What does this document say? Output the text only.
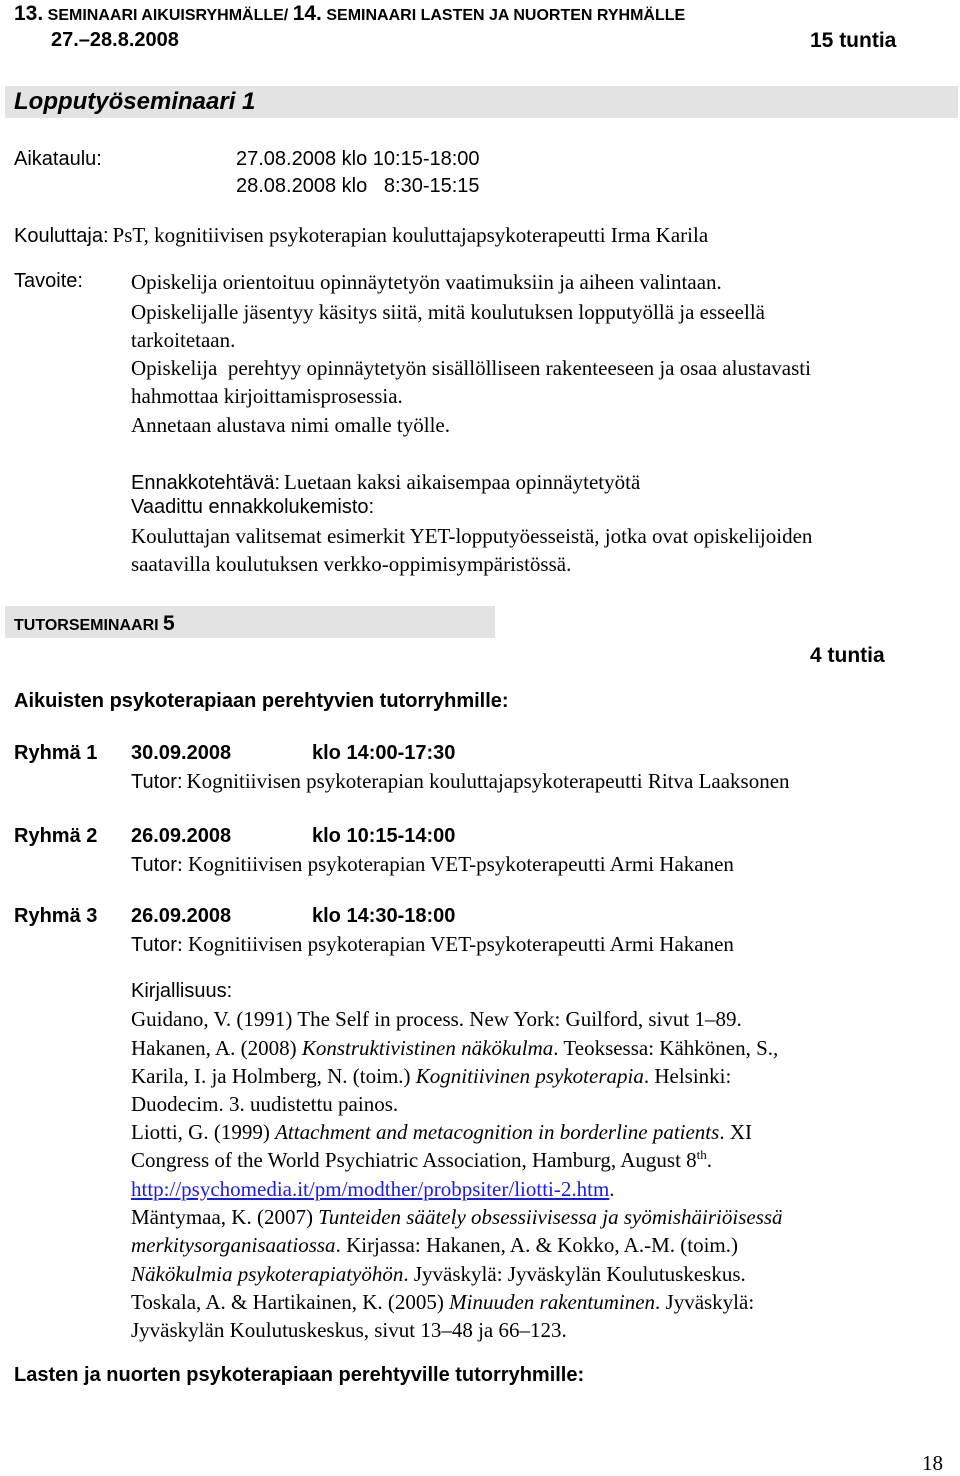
13. SEMINAARI AIKUISRYHMÄLLE/ 14. SEMINAARI LASTEN JA NUORTEN RYHMÄLLE
27.–28.8.2008	15 tuntia
Lopputyöseminaari 1
Aikataulu:	27.08.2008 klo 10:15-18:00
28.08.2008 klo   8:30-15:15
Kouluttaja: PsT, kognitiivisen psykoterapian kouluttajapsykoterapeutti Irma Karila
Tavoite: Opiskelija orientoituu opinnäytetyön vaatimuksiin ja aiheen valintaan.
Opiskelijalle jäsentyy käsitys siitä, mitä koulutuksen lopputyöllä ja esseellä
tarkoitetaan.
Opiskelija  perehtyy opinnäytetyön sisällölliseen rakenteeseen ja osaa alustavasti
hahmottaa kirjoittamisprosessia.
Annetaan alustava nimi omalle työlle.
Ennakkotehtävä: Luetaan kaksi aikaisempaa opinnäytetyötä
Vaadittu ennakkolukemisto:
Kouluttajan valitsemat esimerkit YET-lopputyöesseistä, jotka ovat opiskelijoiden
saatavilla koulutuksen verkko-oppimisympäristössä.
TUTORSEMINAARI 5
4 tuntia
Aikuisten psykoterapiaan perehtyvien tutorryhmille:
Ryhmä 1 30.09.2008	klo 14:00-17:30
Tutor: Kognitiivisen psykoterapian kouluttajapsykoterapeutti Ritva Laaksonen
Ryhmä 2 26.09.2008	klo 10:15-14:00
Tutor: Kognitiivisen psykoterapian VET-psykoterapeutti Armi Hakanen
Ryhmä 3 26.09.2008	klo 14:30-18:00
Tutor: Kognitiivisen psykoterapian VET-psykoterapeutti Armi Hakanen
Kirjallisuus:
Guidano, V. (1991) The Self in process. New York: Guilford, sivut 1–89.
Hakanen, A. (2008) Konstruktivistinen näkökulma. Teoksessa: Kähkönen, S.,
Karila, I. ja Holmberg, N. (toim.) Kognitiivinen psykoterapia. Helsinki:
Duodecim. 3. uudistettu painos.
Liotti, G. (1999) Attachment and metacognition in borderline patients. XI
Congress of the World Psychiatric Association, Hamburg, August 8th.
http://psychomedia.it/pm/modther/probpsiter/liotti-2.htm.
Mäntymaa, K. (2007) Tunteiden säätely obsessiivisessa ja syömishäiriöisessä
merkitysorganisaatiossa. Kirjassa: Hakanen, A. & Kokko, A.-M. (toim.)
Näkökulmia psykoterapiatyöhön. Jyväskylä: Jyväskylän Koulutuskeskus.
Toskala, A. & Hartikainen, K. (2005) Minuuden rakentuminen. Jyväskylä:
Jyväskylän Koulutuskeskus, sivut 13–48 ja 66–123.
Lasten ja nuorten psykoterapiaan perehtyville tutorryhmille:
18
